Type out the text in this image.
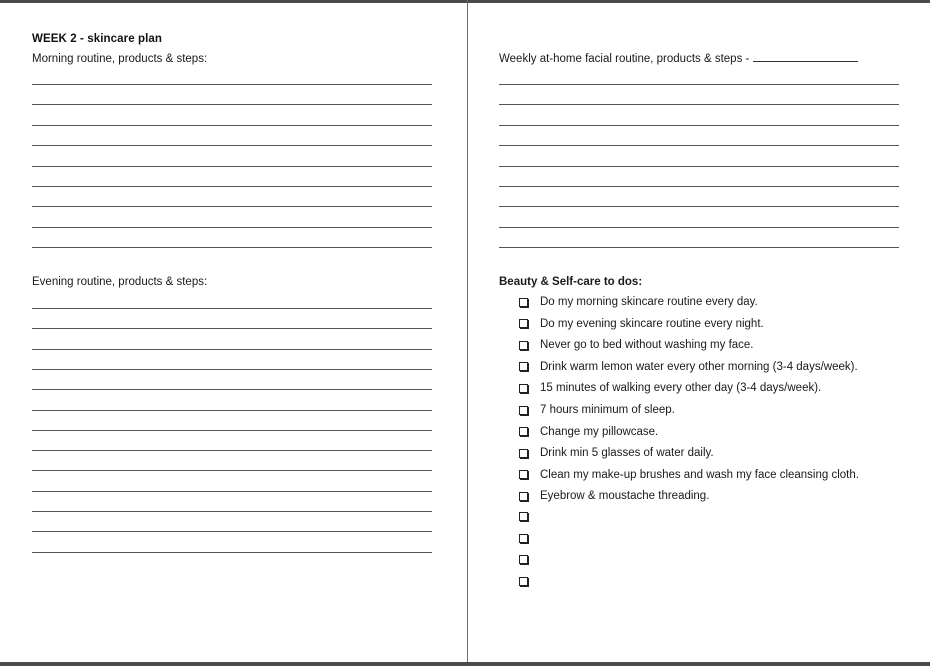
WEEK 2 - skincare plan
Morning routine, products & steps:
Evening routine, products & steps:
Weekly at-home facial routine, products & steps -
Beauty & Self-care to dos:
Do my morning skincare routine every day.
Do my evening skincare routine every night.
Never go to bed without washing my face.
Drink warm lemon water every other morning (3-4 days/week).
15 minutes of walking every other day (3-4 days/week).
7 hours minimum of sleep.
Change my pillowcase.
Drink min 5 glasses of water daily.
Clean my make-up brushes and wash my face cleansing cloth.
Eyebrow & moustache threading.
